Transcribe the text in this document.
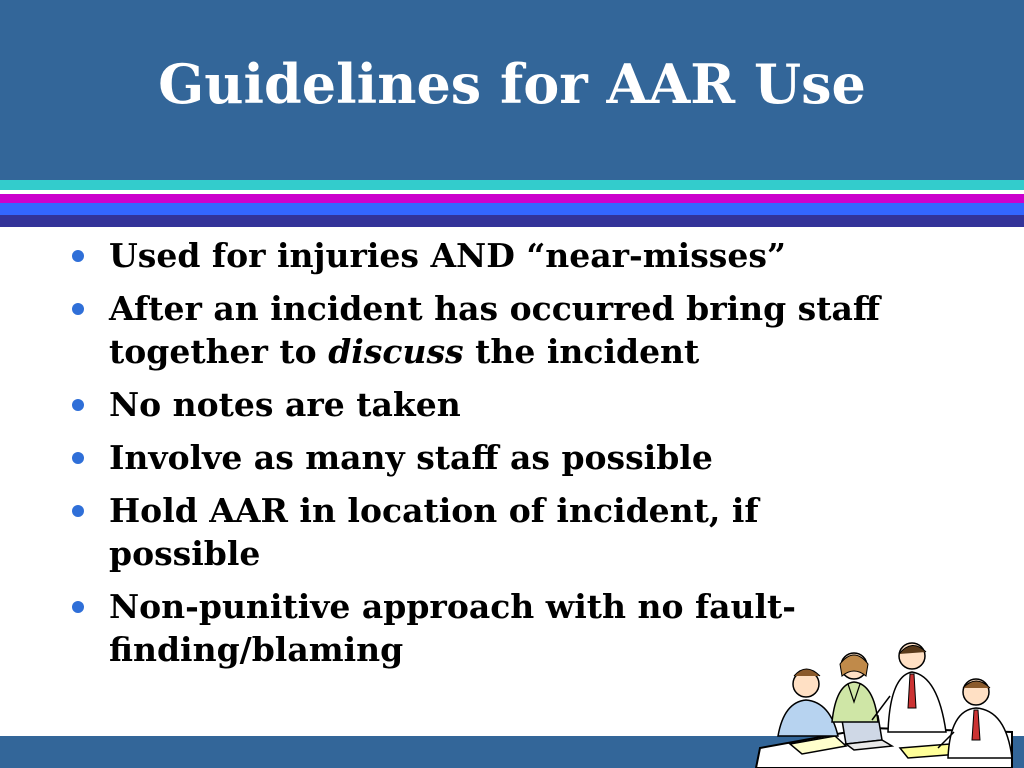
Guidelines for AAR Use
Used for injuries AND “near-misses”
After an incident has occurred bring staff together to discuss the incident
No notes are taken
Involve as many staff as possible
Hold AAR in location of incident, if possible
Non-punitive approach with no fault-finding/blaming
